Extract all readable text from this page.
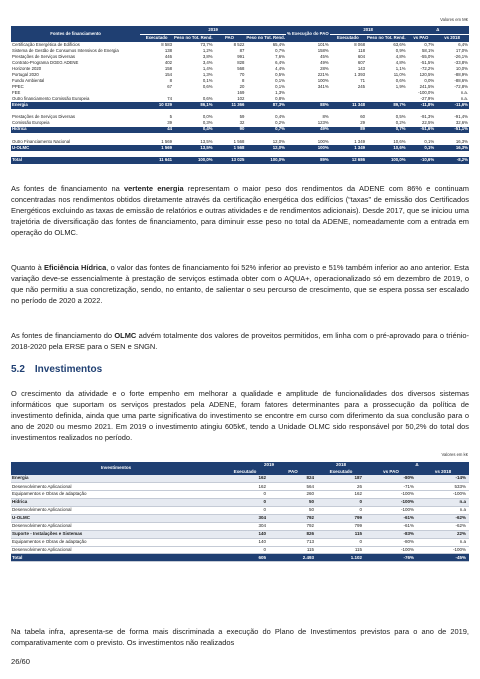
Valores em M€
Fontes de financiamento	2019				% Execução do PAO	2018		Δ	
	Executado	Peso no Tot. Rend.	PAO	Peso no Tot. Rend.		Executado	Peso no Tot. Rend.	vs PAO	vs 2018
Certificação Energética de Edifícios	8 583	73,7%	8 522	65,4%	101%	8 068	63,6%	0,7%	6,4%
Sistema de Gestão de Consumos Intensivos de Energia	138	1,2%	87	0,7%	158%	118	0,9%	58,1%	17,0%
Prestações de Serviços Diversas	446	3,8%	991	7,6%	45%	604	4,8%	-55,0%	-26,1%
Contrato-Programa DGEG ADENE	402	3,4%	828	6,4%	49%	607	4,8%	-51,5%	-33,8%
Horizonte 2020	158	1,4%	568	4,4%	28%	143	1,1%	-72,2%	10,0%
Portugal 2020	154	1,3%	70	0,5%	221%	1 393	11,0%	120,5%	-88,9%
Fundo Ambiental	8	0,1%	8	0,1%	100%	71	0,6%	0,0%	-88,6%
PPEC	67	0,6%	20	0,1%	341%	245	1,9%	241,5%	-72,8%
FEE			169	1,3%				-100,0%	n.a.
Outro financiamento Comissão Europeia	74	0,6%	102	0,8%				-27,9%	n.a.
Energia	10 029	86,1%	11 366	87,3%	88%	11 348	89,7%	-11,8%	-11,6%

Prestações de Serviços Diversas	5	0,0%	59	0,4%	8%	60	0,5%	-91,3%	-91,4%
Comissão Europeia	39	0,3%	32	0,2%	123%	29	0,2%	22,5%	32,6%
Hídrica	44	0,4%	90	0,7%	49%	89	0,7%	-51,6%	-51,1%

Outro Financiamento Nacional	1 569	13,5%	1 568	12,0%	100%	1 349	10,6%	0,1%	16,3%
U-OLMC	1 569	13,5%	1 568	12,0%	100%	1 349	10,6%	0,1%	16,3%

Total	11 641	100,0%	13 025	100,0%	89%	12 686	100,0%	-10,6%	-8,2%

As fontes de financiamento na vertente energia representam o maior peso dos rendimentos da ADENE com 86% e continuam concentradas nos rendimentos obtidos diretamente através da certificação energética dos edifícios (“taxas” de emissão dos Certificados Energéticos excluindo as taxas de emissão de relatórios e outras atividades e de rendimentos adicionais). Desde 2017, que se iniciou uma trajetória de diversificação das fontes de financiamento, para diminuir esse peso no total da ADENE, nomeadamente com a entrada em operação do OLMC.

Quanto à Eficiência Hídrica, o valor das fontes de financiamento foi 52% inferior ao previsto e 51% também inferior ao ano anterior. Esta variação deve-se essencialmente à prestação de serviços estimada obter com o AQUA+, operacionalizado só em dezembro de 2019, o que não permitiu a sua concretização, sendo, no entanto, de salientar o seu percurso de crescimento, que se espera possa ser escalado no período de 2020 a 2022.

As fontes de financiamento do OLMC advém totalmente dos valores de proveitos permitidos, em linha com o pré-aprovado para o triénio-2018-2020 pela ERSE para o SEN e SNGN.

5.2 Investimentos

O crescimento da atividade e o forte empenho em melhorar a qualidade e amplitude de funcionalidades dos diversos sistemas informáticos que suportam os serviços prestados pela ADENE, foram fatores determinantes para a prossecução da política de investimento definida, ainda que uma parte significativa do investimento se encontre em curso com diferimento da sua conclusão para o ano de 2020 ou mesmo 2021. Em 2019 o investimento atingiu 605k€, tendo a Unidade OLMC sido responsável por 50,2% do total dos investimentos realizados no período.

Valores em k€
Investimentos	2019		2018	Δ	
	Executado	PAO	Executado	vs PAO	vs 2018
Energia	162	824	187	-80%	-14%
Desenvolvimento Aplicacional	162	564	26	-71%	533%
Equipamentos e Obras de adaptação	0	260	162	-100%	-100%
Hídrica	0	50	0	-100%	n.a
Desenvolvimento Aplicacional	0	50	0	-100%	n.a
U-OLMC	304	792	799	-61%	-62%
Desenvolvimento Aplicacional	304	792	799	-61%	-62%
Suporte - Instalações e Sistemas	140	826	115	-83%	22%
Equipamentos e Obras de adaptação	140	713	0	-80%	n.a
Desenvolvimento Aplicacional	0	115	115	-100%	-100%
Total	605	2.493	1.102	-76%	-45%

Na tabela infra, apresenta-se de forma mais discriminada a execução do Plano de Investimentos previstos para o ano de 2019, comparativamente com o previsto. Os investimentos não realizados

26/60
